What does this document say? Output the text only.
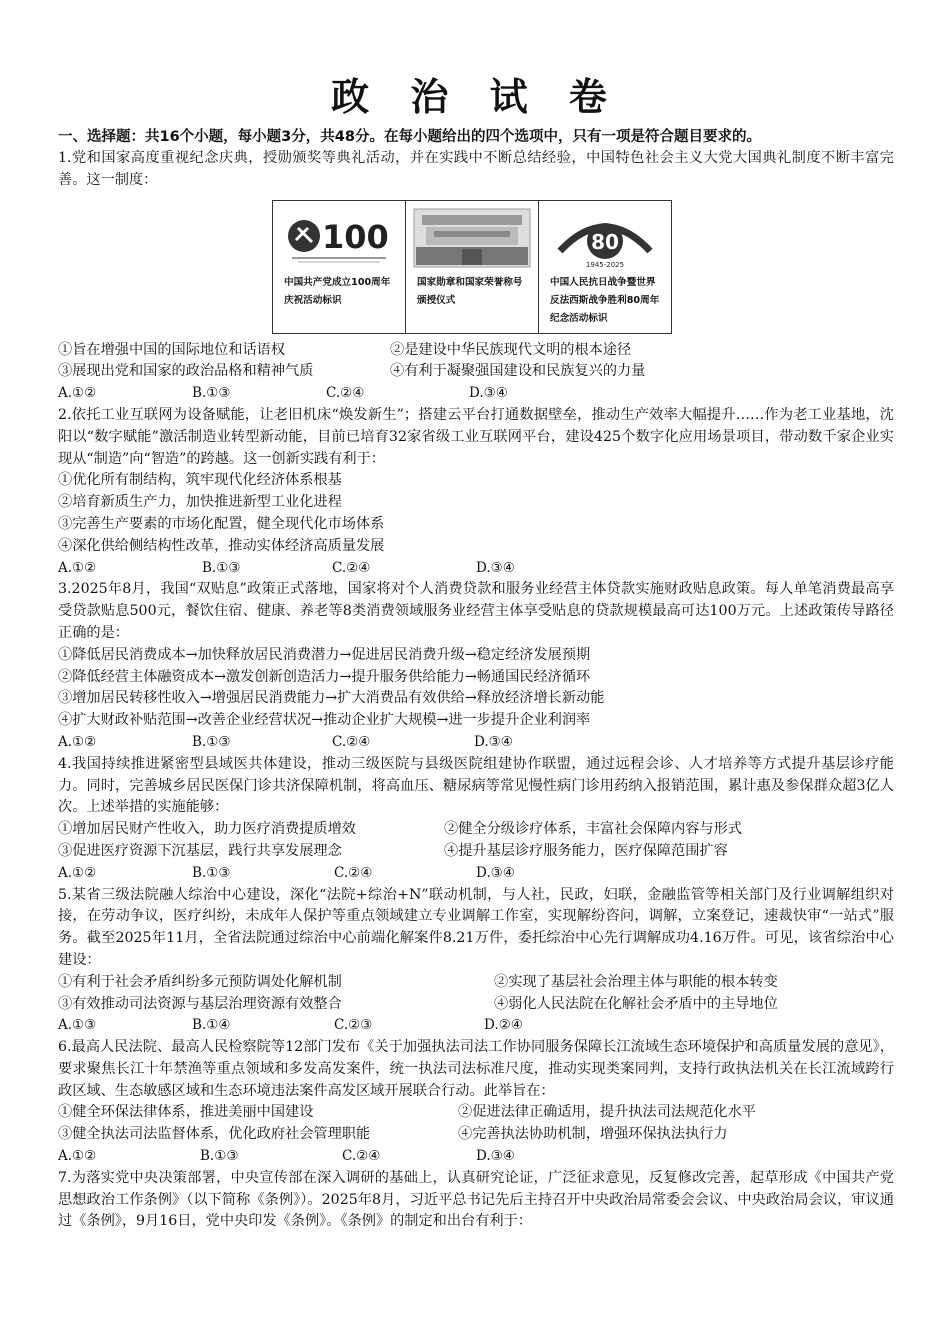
政 治 试 卷
一、选择题：共16个小题，每小题3分，共48分。在每小题给出的四个选项中，只有一项是符合题目要求的。
1.党和国家高度重视纪念庆典，授勋颁奖等典礼活动，并在实践中不断总结经验，中国特色社会主义大党大国典礼制度不断丰富完善。这一制度：
100
中国共产党成立100周年庆祝活动标识
国家勋章和国家荣誉称号颁授仪式
80
1945-2025
中国人民抗日战争暨世界反法西斯战争胜利80周年纪念活动标识
①旨在增强中国的国际地位和话语权	②是建设中华民族现代文明的根本途径
③展现出党和国家的政治品格和精神气质	④有利于凝聚强国建设和民族复兴的力量
A.①②	B.①③	C.②④	D.③④
2.依托工业互联网为设备赋能，让老旧机床“焕发新生”；搭建云平台打通数据壁垒，推动生产效率大幅提升……作为老工业基地，沈阳以“数字赋能”激活制造业转型新动能，目前已培育32家省级工业互联网平台，建设425个数字化应用场景项目，带动数千家企业实现从“制造”向“智造”的跨越。这一创新实践有利于：
①优化所有制结构，筑牢现代化经济体系根基
②培育新质生产力，加快推进新型工业化进程
③完善生产要素的市场化配置，健全现代化市场体系
④深化供给侧结构性改革，推动实体经济高质量发展
A.①②	B.①③	C.②④	D.③④
3.2025年8月，我国“双贴息”政策正式落地，国家将对个人消费贷款和服务业经营主体贷款实施财政贴息政策。每人单笔消费最高享受贷款贴息500元，餐饮住宿、健康、养老等8类消费领域服务业经营主体享受贴息的贷款规模最高可达100万元。上述政策传导路径正确的是：
①降低居民消费成本→加快释放居民消费潜力→促进居民消费升级→稳定经济发展预期
②降低经营主体融资成本→激发创新创造活力→提升服务供给能力→畅通国民经济循环
③增加居民转移性收入→增强居民消费能力→扩大消费品有效供给→释放经济增长新动能
④扩大财政补贴范围→改善企业经营状况→推动企业扩大规模→进一步提升企业利润率
A.①②	B.①③	C.②④	D.③④
4.我国持续推进紧密型县域医共体建设，推动三级医院与县级医院组建协作联盟，通过远程会诊、人才培养等方式提升基层诊疗能力。同时，完善城乡居民医保门诊共济保障机制，将高血压、糖尿病等常见慢性病门诊用药纳入报销范围，累计惠及参保群众超3亿人次。上述举措的实施能够：
①增加居民财产性收入，助力医疗消费提质增效	②健全分级诊疗体系，丰富社会保障内容与形式
③促进医疗资源下沉基层，践行共享发展理念	④提升基层诊疗服务能力，医疗保障范围扩容
A.①②	B.①③	C.②④	D.③④
5.某省三级法院融人综治中心建设，深化“法院+综治+N”联动机制，与人社，民政，妇联，金融监管等相关部门及行业调解组织对接，在劳动争议，医疗纠纷，未成年人保护等重点领域建立专业调解工作室，实现解纷咨问，调解，立案登记，速裁快审“一站式”服务。截至2025年11月，全省法院通过综治中心前端化解案件8.21万件，委托综治中心先行调解成功4.16万件。可见，该省综治中心建设：
①有利于社会矛盾纠纷多元预防调处化解机制	②实现了基层社会治理主体与职能的根本转变
③有效推动司法资源与基层治理资源有效整合	④弱化人民法院在化解社会矛盾中的主导地位
A.①③	B.①④	C.②③	D.②④
6.最高人民法院、最高人民检察院等12部门发布《关于加强执法司法工作协同服务保障长江流域生态环境保护和高质量发展的意见》，要求聚焦长江十年禁渔等重点领域和多发高发案件，统一执法司法标准尺度，推动实现类案同判，支持行政执法机关在长江流域跨行政区域、生态敏感区域和生态环境违法案件高发区域开展联合行动。此举旨在：
①健全环保法律体系，推进美丽中国建设	②促进法律正确适用，提升执法司法规范化水平
③健全执法司法监督体系，优化政府社会管理职能	④完善执法协助机制，增强环保执法执行力
A.①②	B.①③	C.②④	D.③④
7.为落实党中央决策部署，中央宣传部在深入调研的基础上，认真研究论证，广泛征求意见，反复修改完善，起草形成《中国共产党思想政治工作条例》（以下简称《条例》）。2025年8月，习近平总书记先后主持召开中央政治局常委会会议、中央政治局会议，审议通过《条例》，9月16日，党中央印发《条例》。《条例》的制定和出台有利于：
